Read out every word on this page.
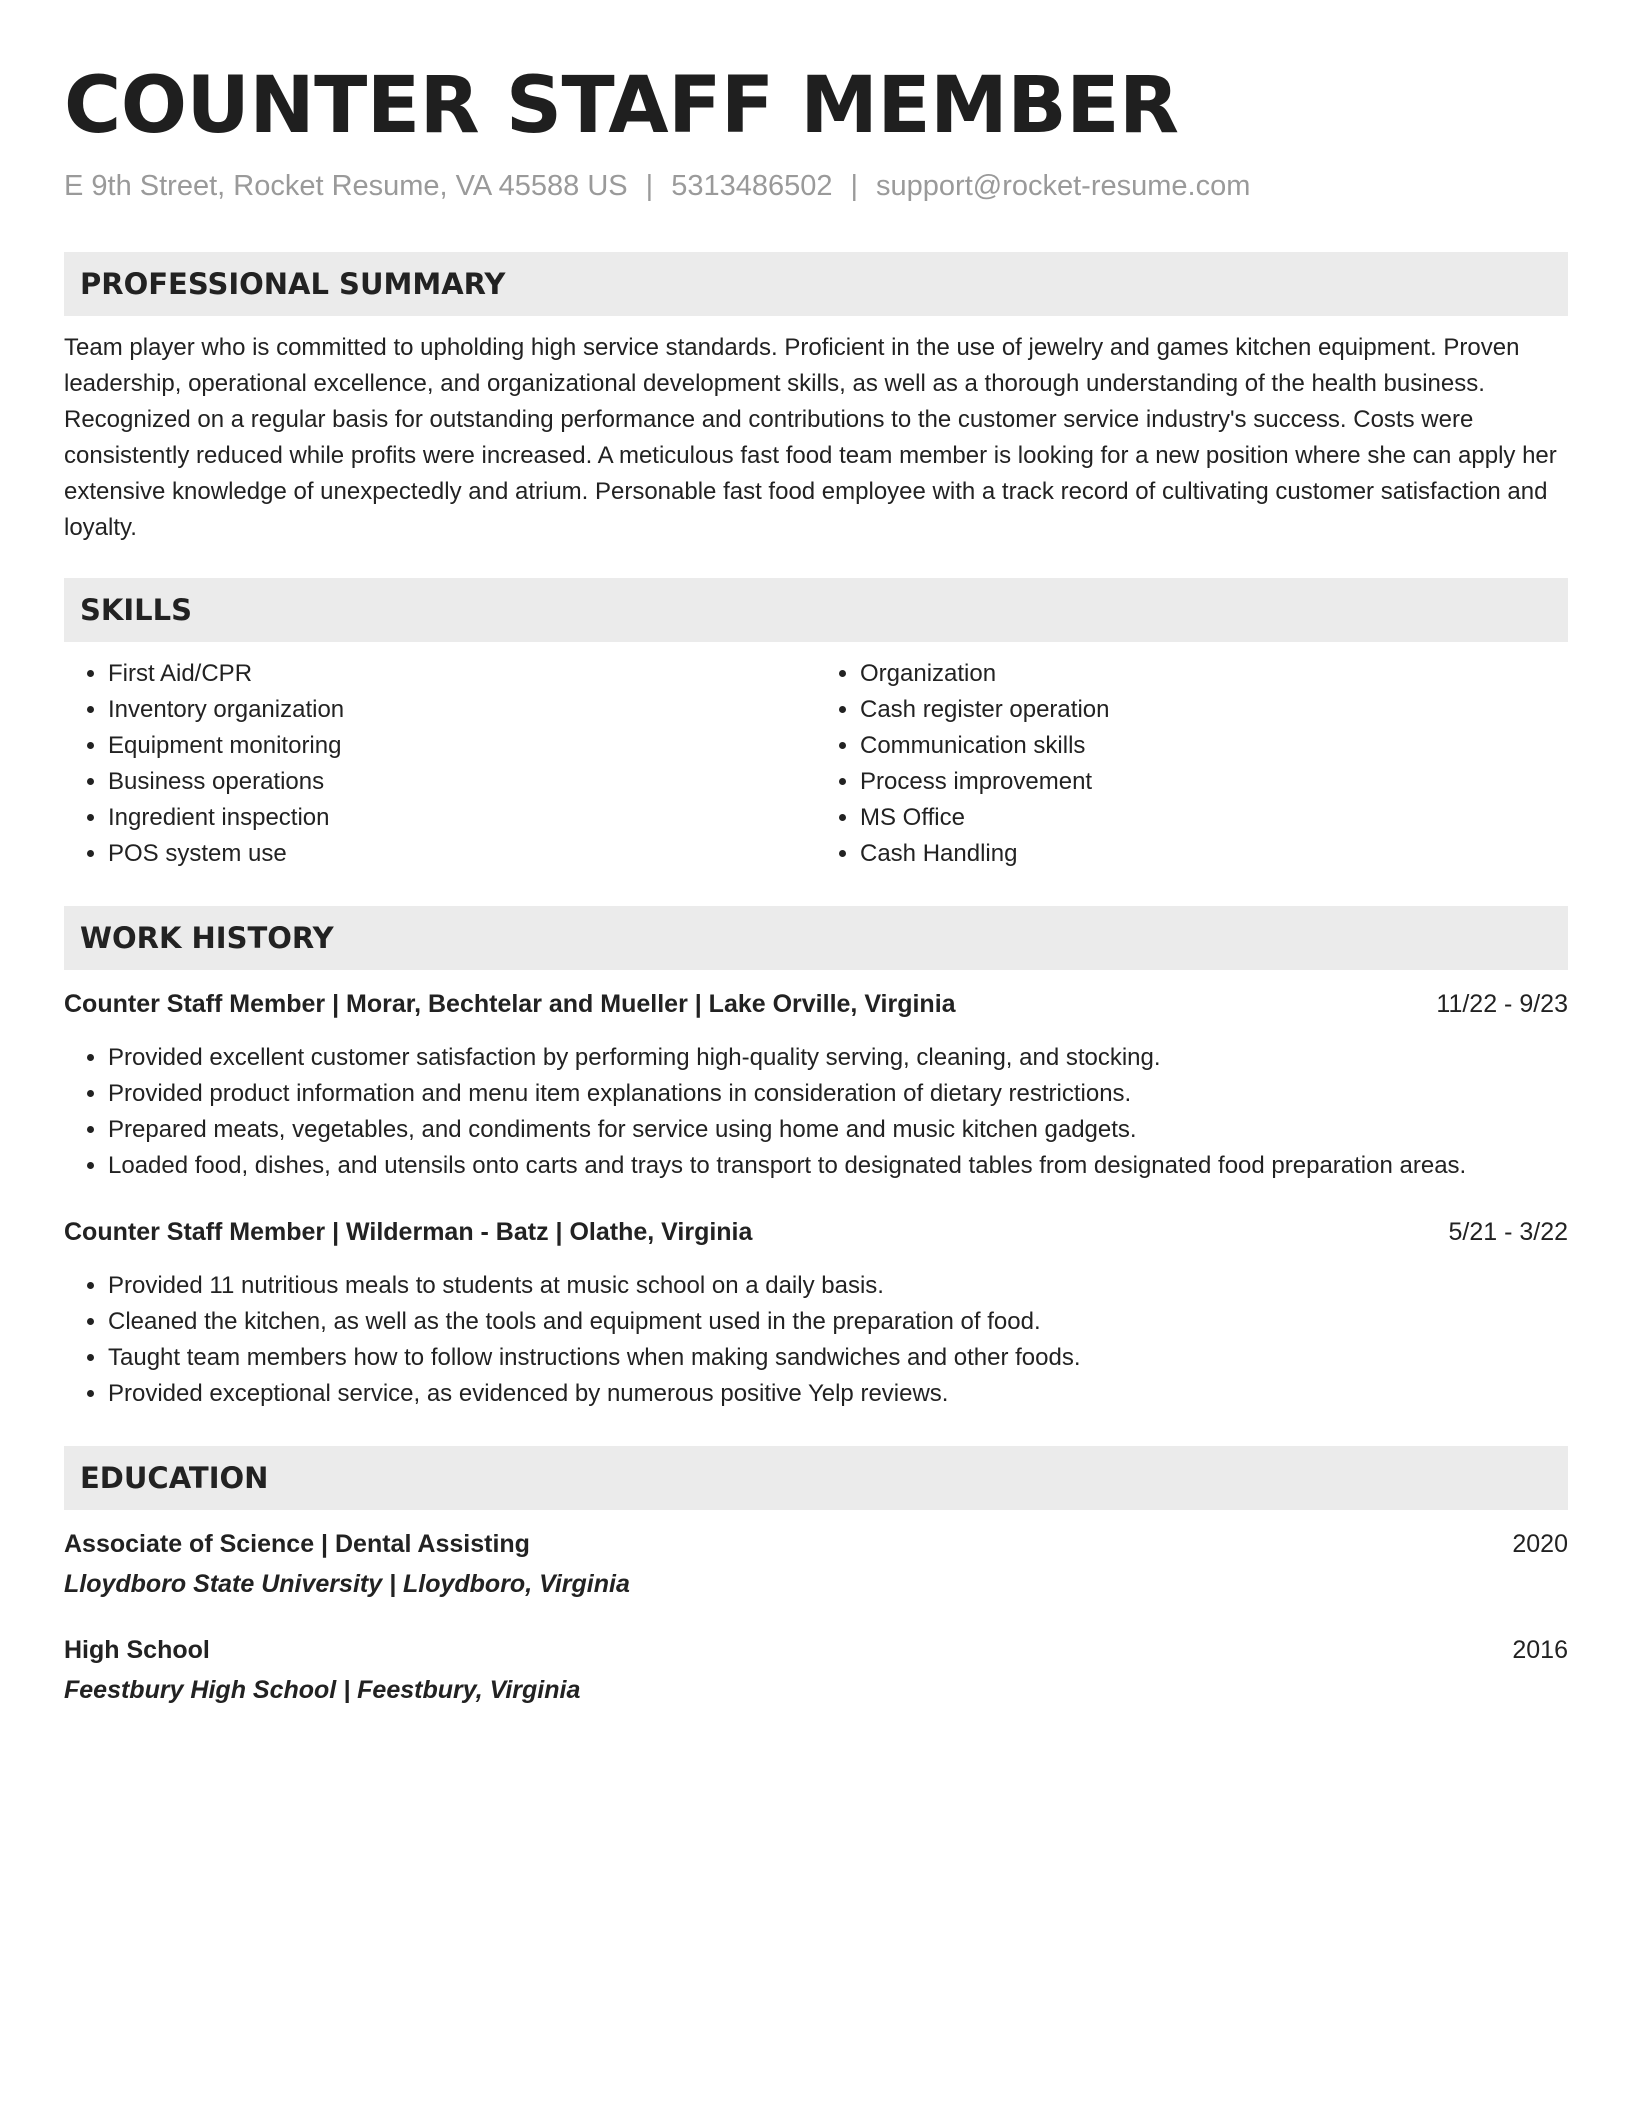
COUNTER STAFF MEMBER
E 9th Street, Rocket Resume, VA 45588 US | 5313486502 | support@rocket-resume.com
PROFESSIONAL SUMMARY

Team player who is committed to upholding high service standards. Proficient in the use of jewelry and games kitchen equipment. Proven leadership, operational excellence, and organizational development skills, as well as a thorough understanding of the health business. Recognized on a regular basis for outstanding performance and contributions to the customer service industry's success. Costs were consistently reduced while profits were increased. A meticulous fast food team member is looking for a new position where she can apply her extensive knowledge of unexpectedly and atrium. Personable fast food employee with a track record of cultivating customer satisfaction and loyalty.

SKILLS
• First Aid/CPR
• Inventory organization
• Equipment monitoring
• Business operations
• Ingredient inspection
• POS system use
• Organization
• Cash register operation
• Communication skills
• Process improvement
• MS Office
• Cash Handling
WORK HISTORY
Counter Staff Member | Morar, Bechtelar and Mueller | Lake Orville, Virginia	11/22 - 9/23
• Provided excellent customer satisfaction by performing high-quality serving, cleaning, and stocking.
• Provided product information and menu item explanations in consideration of dietary restrictions.
• Prepared meats, vegetables, and condiments for service using home and music kitchen gadgets.
• Loaded food, dishes, and utensils onto carts and trays to transport to designated tables from designated food preparation areas.
Counter Staff Member | Wilderman - Batz | Olathe, Virginia	5/21 - 3/22
• Provided 11 nutritious meals to students at music school on a daily basis.
• Cleaned the kitchen, as well as the tools and equipment used in the preparation of food.
• Taught team members how to follow instructions when making sandwiches and other foods.
• Provided exceptional service, as evidenced by numerous positive Yelp reviews.
EDUCATION
Associate of Science | Dental Assisting	2020
Lloydboro State University | Lloydboro, Virginia
High School	2016
Feestbury High School | Feestbury, Virginia
